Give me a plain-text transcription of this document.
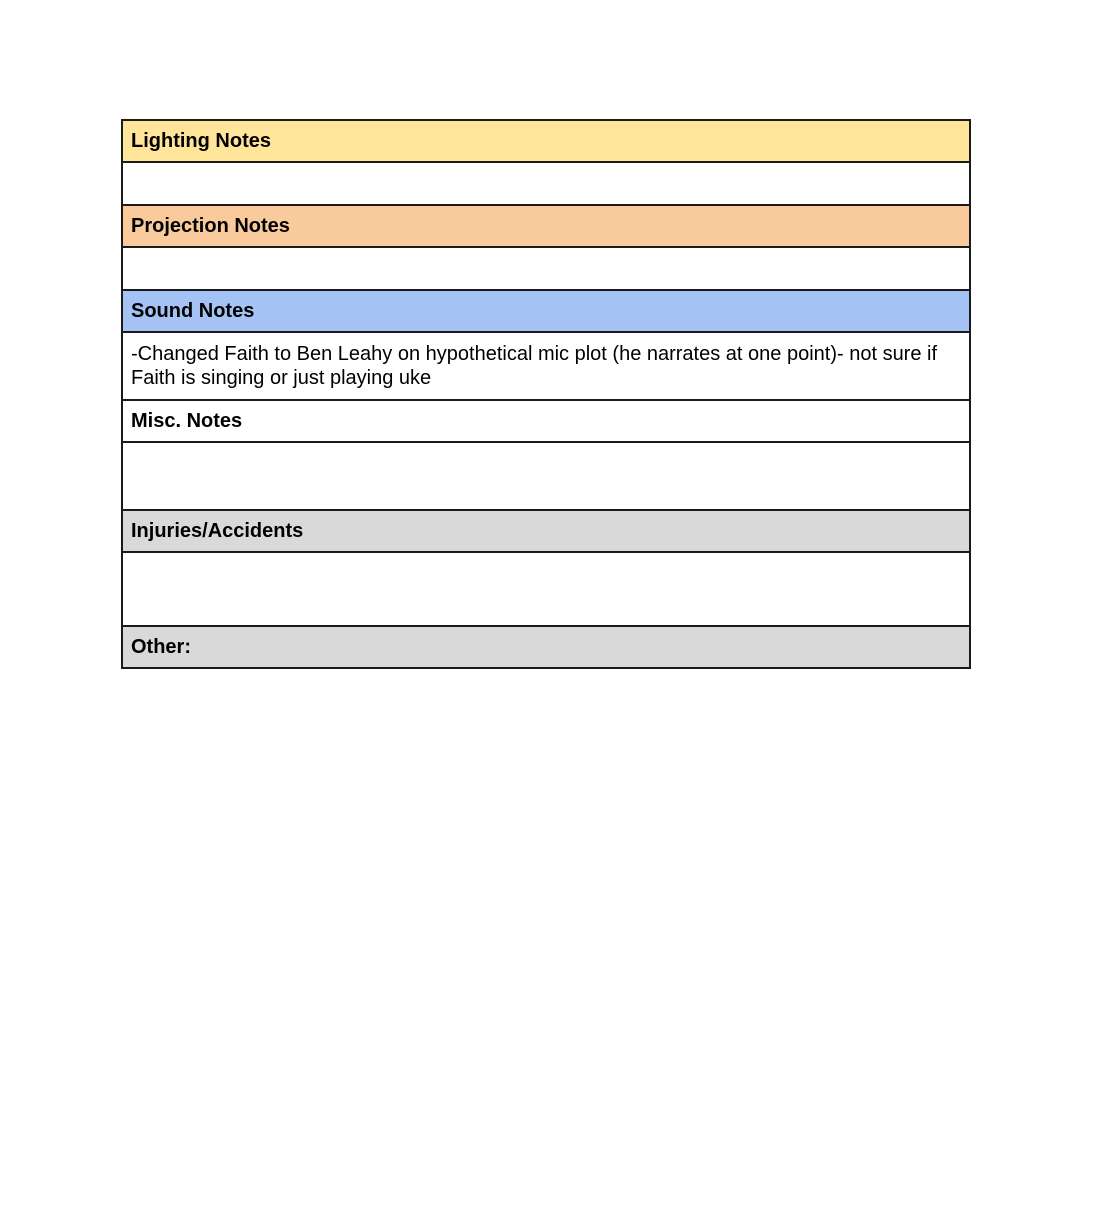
Lighting Notes

Projection Notes

Sound Notes
-Changed Faith to Ben Leahy on hypothetical mic plot (he narrates at one point)- not sure if Faith is singing or just playing uke
Misc. Notes

Injuries/Accidents

Other:
